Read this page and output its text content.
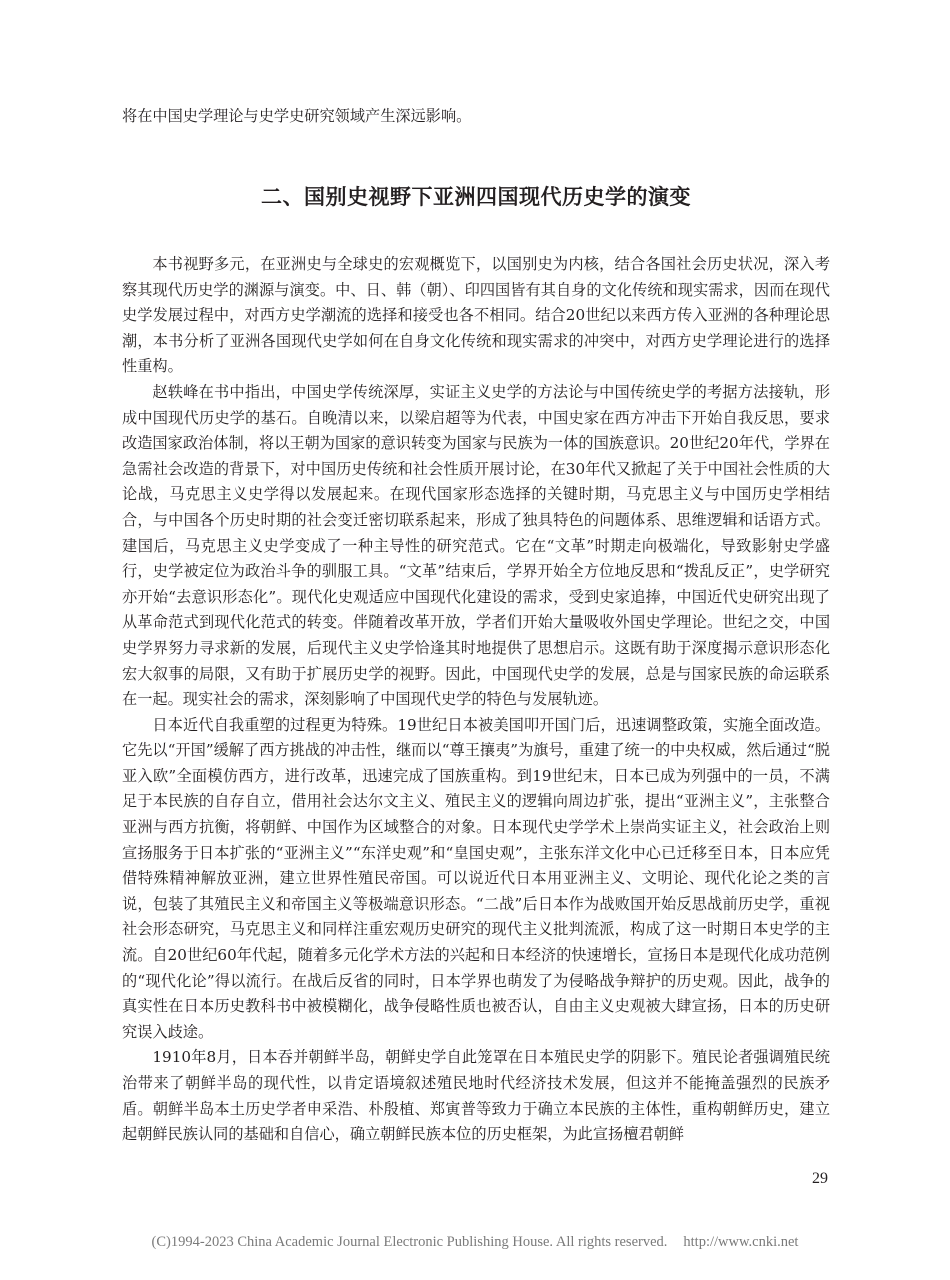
将在中国史学理论与史学史研究领域产生深远影响。

二、国别史视野下亚洲四国现代历史学的演变

本书视野多元，在亚洲史与全球史的宏观概览下，以国别史为内核，结合各国社会历史状况，深入考察其现代历史学的渊源与演变。中、日、韩（朝）、印四国皆有其自身的文化传统和现实需求，因而在现代史学发展过程中，对西方史学潮流的选择和接受也各不相同。结合20世纪以来西方传入亚洲的各种理论思潮，本书分析了亚洲各国现代史学如何在自身文化传统和现实需求的冲突中，对西方史学理论进行的选择性重构。

赵轶峰在书中指出，中国史学传统深厚，实证主义史学的方法论与中国传统史学的考据方法接轨，形成中国现代历史学的基石。自晚清以来，以梁启超等为代表，中国史家在西方冲击下开始自我反思，要求改造国家政治体制，将以王朝为国家的意识转变为国家与民族为一体的国族意识。20世纪20年代，学界在急需社会改造的背景下，对中国历史传统和社会性质开展讨论，在30年代又掀起了关于中国社会性质的大论战，马克思主义史学得以发展起来。在现代国家形态选择的关键时期，马克思主义与中国历史学相结合，与中国各个历史时期的社会变迁密切联系起来，形成了独具特色的问题体系、思维逻辑和话语方式。建国后，马克思主义史学变成了一种主导性的研究范式。它在“文革”时期走向极端化，导致影射史学盛行，史学被定位为政治斗争的驯服工具。“文革”结束后，学界开始全方位地反思和“拨乱反正”，史学研究亦开始“去意识形态化”。现代化史观适应中国现代化建设的需求，受到史家追捧，中国近代史研究出现了从革命范式到现代化范式的转变。伴随着改革开放，学者们开始大量吸收外国史学理论。世纪之交，中国史学界努力寻求新的发展，后现代主义史学恰逢其时地提供了思想启示。这既有助于深度揭示意识形态化宏大叙事的局限，又有助于扩展历史学的视野。因此，中国现代史学的发展，总是与国家民族的命运联系在一起。现实社会的需求，深刻影响了中国现代史学的特色与发展轨迹。

日本近代自我重塑的过程更为特殊。19世纪日本被美国叩开国门后，迅速调整政策，实施全面改造。它先以“开国”缓解了西方挑战的冲击性，继而以“尊王攘夷”为旗号，重建了统一的中央权威，然后通过“脱亚入欧”全面模仿西方，进行改革，迅速完成了国族重构。到19世纪末，日本已成为列强中的一员，不满足于本民族的自存自立，借用社会达尔文主义、殖民主义的逻辑向周边扩张，提出“亚洲主义”，主张整合亚洲与西方抗衡，将朝鲜、中国作为区域整合的对象。日本现代史学学术上崇尚实证主义，社会政治上则宣扬服务于日本扩张的“亚洲主义”“东洋史观”和“皇国史观”，主张东洋文化中心已迁移至日本，日本应凭借特殊精神解放亚洲，建立世界性殖民帝国。可以说近代日本用亚洲主义、文明论、现代化论之类的言说，包装了其殖民主义和帝国主义等极端意识形态。“二战”后日本作为战败国开始反思战前历史学，重视社会形态研究，马克思主义和同样注重宏观历史研究的现代主义批判流派，构成了这一时期日本史学的主流。自20世纪60年代起，随着多元化学术方法的兴起和日本经济的快速增长，宣扬日本是现代化成功范例的“现代化论”得以流行。在战后反省的同时，日本学界也萌发了为侵略战争辩护的历史观。因此，战争的真实性在日本历史教科书中被模糊化，战争侵略性质也被否认，自由主义史观被大肆宣扬，日本的历史研究误入歧途。

1910年8月，日本吞并朝鲜半岛，朝鲜史学自此笼罩在日本殖民史学的阴影下。殖民论者强调殖民统治带来了朝鲜半岛的现代性，以肯定语境叙述殖民地时代经济技术发展，但这并不能掩盖强烈的民族矛盾。朝鲜半岛本土历史学者申采浩、朴殷植、郑寅普等致力于确立本民族的主体性，重构朝鲜历史，建立起朝鲜民族认同的基础和自信心，确立朝鲜民族本位的历史框架，为此宣扬檀君朝鲜

29
(C)1994-2023 China Academic Journal Electronic Publishing House. All rights reserved. http://www.cnki.net
